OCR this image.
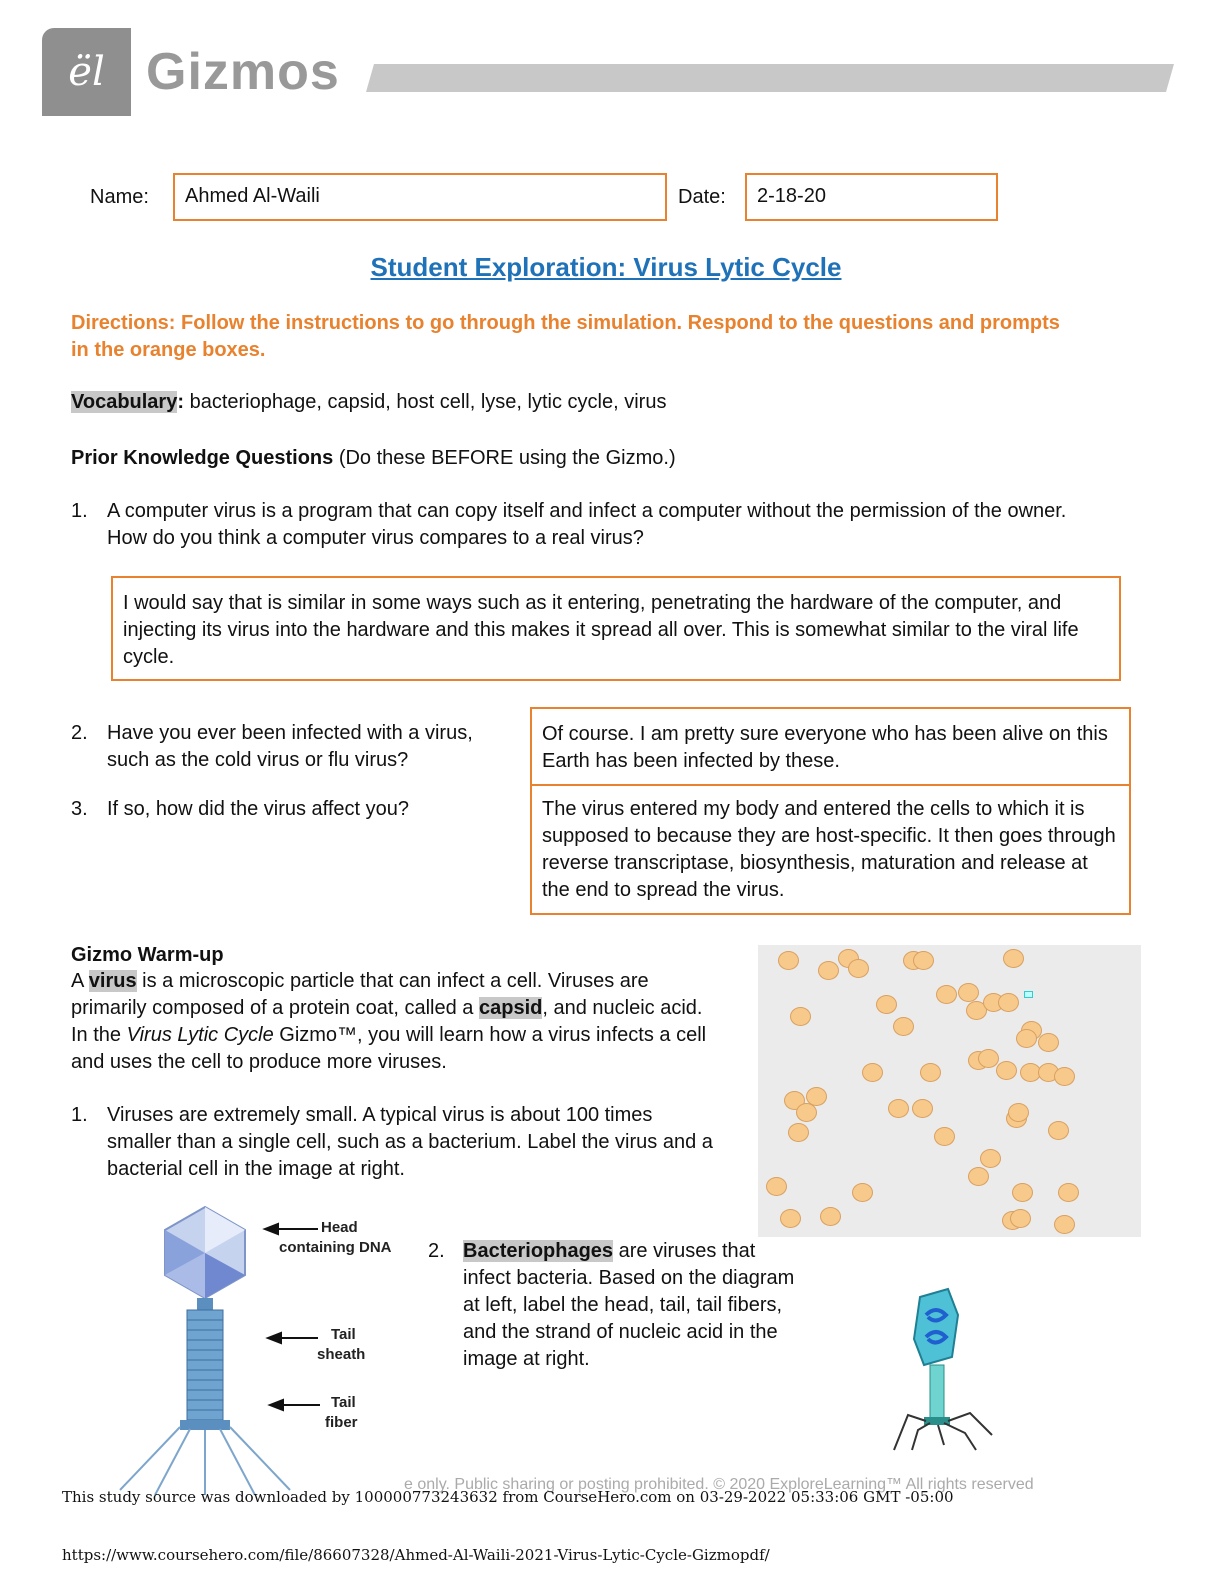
ël Gizmos
Name:	Ahmed Al-Waili	Date:	2-18-20
Student Exploration: Virus Lytic Cycle
Directions: Follow the instructions to go through the simulation. Respond to the questions and prompts in the orange boxes.
Vocabulary: bacteriophage, capsid, host cell, lyse, lytic cycle, virus
Prior Knowledge Questions (Do these BEFORE using the Gizmo.)
1. A computer virus is a program that can copy itself and infect a computer without the permission of the owner. How do you think a computer virus compares to a real virus?
I would say that is similar in some ways such as it entering, penetrating the hardware of the computer, and injecting its virus into the hardware and this makes it spread all over. This is somewhat similar to the viral life cycle.
2. Have you ever been infected with a virus, such as the cold virus or flu virus?
Of course. I am pretty sure everyone who has been alive on this Earth has been infected by these.
3. If so, how did the virus affect you?	The virus entered my body and entered the cells to which it is supposed to because they are host-specific. It then goes through reverse transcriptase, biosynthesis, maturation and release at the end to spread the virus.
Gizmo Warm-up
A virus is a microscopic particle that can infect a cell. Viruses are primarily composed of a protein coat, called a capsid, and nucleic acid. In the Virus Lytic Cycle Gizmo™, you will learn how a virus infects a cell and uses the cell to produce more viruses.
1. Viruses are extremely small. A typical virus is about 100 times smaller than a single cell, such as a bacterium. Label the virus and a bacterial cell in the image at right.
Head
containing DNA
Tail
sheath
Tail
fiber
2. Bacteriophages are viruses that infect bacteria. Based on the diagram at left, label the head, tail, tail fibers, and the strand of nucleic acid in the image at right.
e only. Public sharing or posting prohibited. © 2020 ExploreLearning™ All rights reserved
This study source was downloaded by 100000773243632 from CourseHero.com on 03-29-2022 05:33:06 GMT -05:00
https://www.coursehero.com/file/86607328/Ahmed-Al-Waili-2021-Virus-Lytic-Cycle-Gizmopdf/
